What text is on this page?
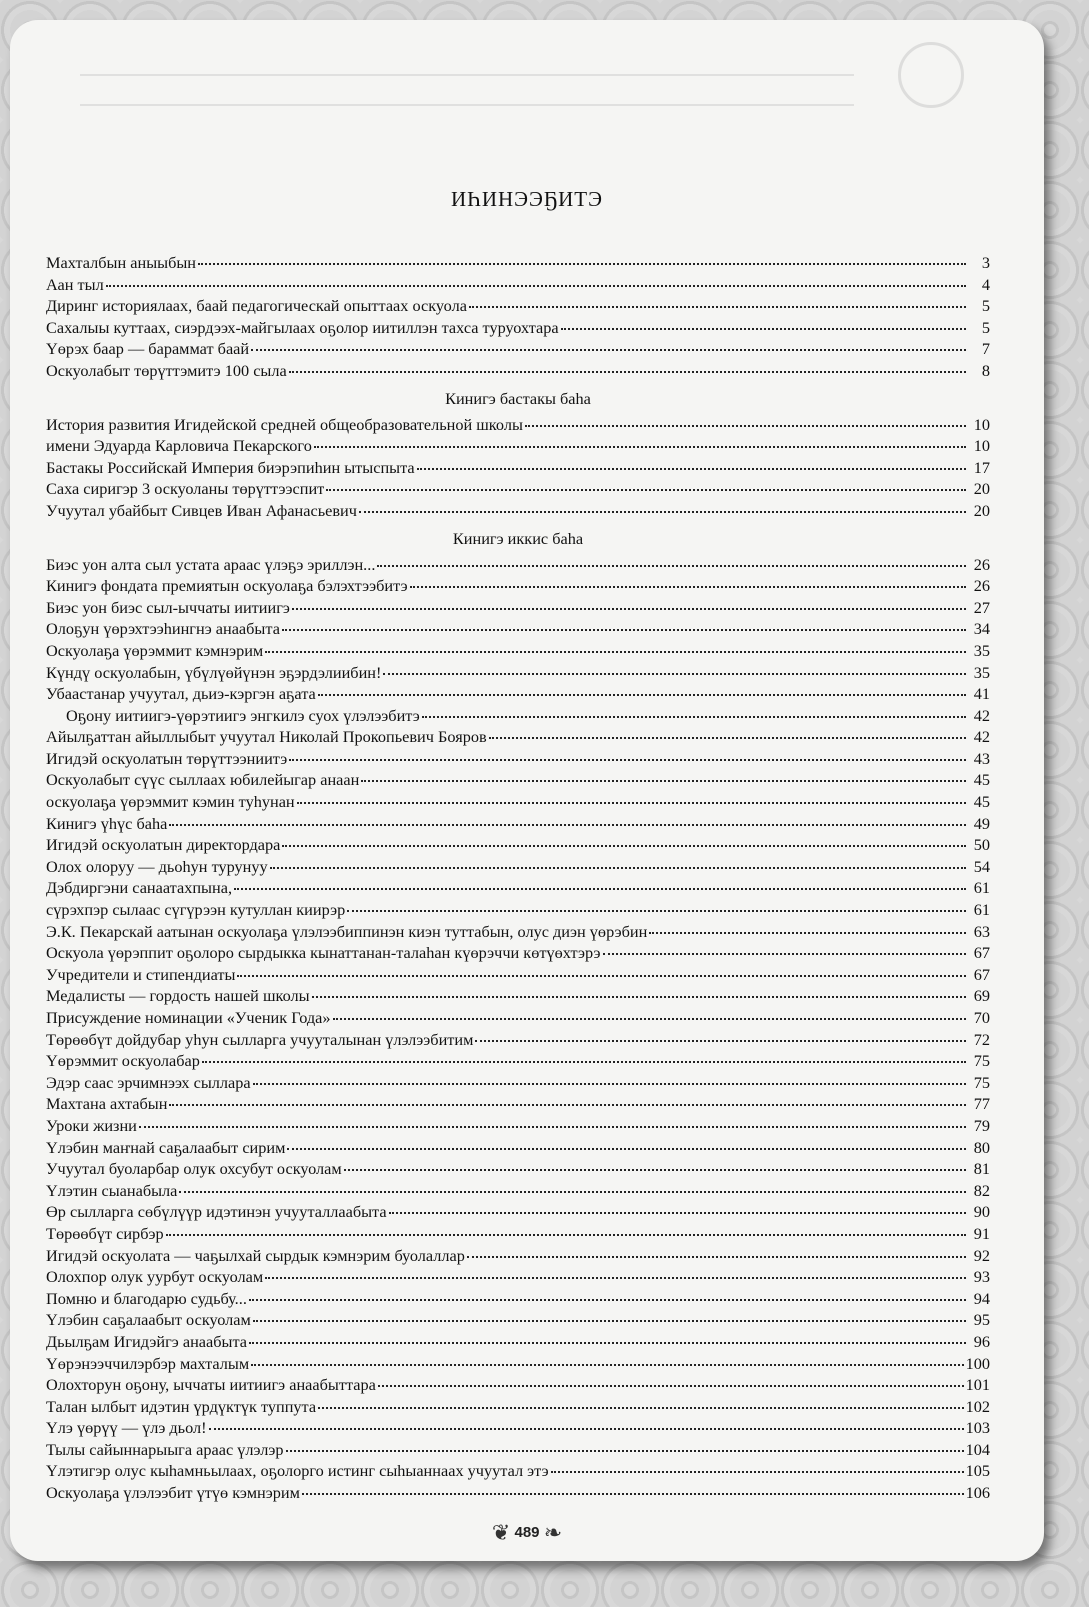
ИҺИНЭЭҔИТЭ
Махталбын аныыбын	3
Аан тыл	4
Диринг историялаах, баай педагогическай опыттаах оскуола	5
Сахалыы куттаах, сиэрдээх-майгылаах оҕолор иитиллэн тахса туруохтара	5
Үөрэх баар — бараммат баай	7
Оскуолабыт төрүттэмитэ 100 сыла	8
Кинигэ бастакы баһа
История развития Игидейской средней общеобразовательной школы	10
имени Эдуарда Карловича Пекарского	10
Бастакы Российскай Империя биэрэпиһин ытыспыта	17
Саха сиригэр 3 оскуоланы төрүттээспит	20
Учуутал убайбыт Сивцев Иван Афанасьевич	20
Кинигэ иккис баһа
Биэс уон алта сыл устата араас үлэҕэ эриллэн...	26
Кинигэ фондата премиятын оскуолаҕа бэлэхтээбитэ	26
Биэс уон биэс сыл-ыччаты иитиигэ	27
Олоҕун үөрэхтээһингнэ анаабыта	34
Оскуолаҕа үөрэммит кэмнэрим	35
Күндү оскуолабын, үбүлүөйүнэн эҕэрдэлиибин!	35
Убаастанар учуутал, дьиэ-кэргэн аҕата	41
Оҕону иитиигэ-үөрэтиигэ энгкилэ суох үлэлээбитэ	42
Айылҕаттан айыллыбыт учуутал Николай Прокопьевич Бояров	42
Игидэй оскуолатын төрүттээниитэ	43
Оскуолабыт сүүс сыллаах юбилейыгар анаан	45
оскуолаҕа үөрэммит кэмин туһунан	45
Кинигэ үһүс баһа	49
Игидэй оскуолатын директордара	50
Олох олоруу — дьоһун турунуу	54
Дэбдиргэни санаатахпына,	61
сүрэхпэр сылаас сүгүрээн кутуллан киирэр	61
Э.К. Пекарскай аатынан оскуолаҕа үлэлээбиппинэн киэн туттабын, олус диэн үөрэбин	63
Оскуола үөрэппит оҕолоро сырдыкка кынаттанан-талаһан күөрэччи көтүөхтэрэ	67
Учредители и стипендиаты	67
Медалисты — гордость нашей школы	69
Присуждение номинации «Ученик Года»	70
Төрөөбүт дойдубар уһун сылларга учууталынан үлэлээбитим	72
Үөрэммит оскуолабар	75
Эдэр саас эрчимнээх сыллара	75
Махтана ахтабын	77
Уроки жизни	79
Үлэбин маҥнай саҕалаабыт сирим	80
Учуутал буоларбар олук охсубут оскуолам	81
Үлэтин сыанабыла	82
Өр сылларга сөбүлүүр идэтинэн учууталлаабыта	90
Төрөөбүт сирбэр	91
Игидэй оскуолата — чаҕылхай сырдык кэмнэрим буолаллар	92
Олохпор олук уурбут оскуолам	93
Помню и благодарю судьбу...	94
Үлэбин саҕалаабыт оскуолам	95
Дьылҕам Игидэйгэ анаабыта	96
Үөрэнээччилэрбэр махталым	100
Олохторун оҕону, ыччаты иитиигэ анаабыттара	101
Талан ылбыт идэтин үрдүктүк туппута	102
Үлэ үөрүү — үлэ дьол!	103
Тылы сайыннарыыга араас үлэлэр	104
Үлэтигэр олус кыһамньылаах, оҕолорго истинг сыһыаннаах учуутал этэ	105
Оскуолаҕа үлэлээбит үтүө кэмнэрим	106
❦ 489 ❧
